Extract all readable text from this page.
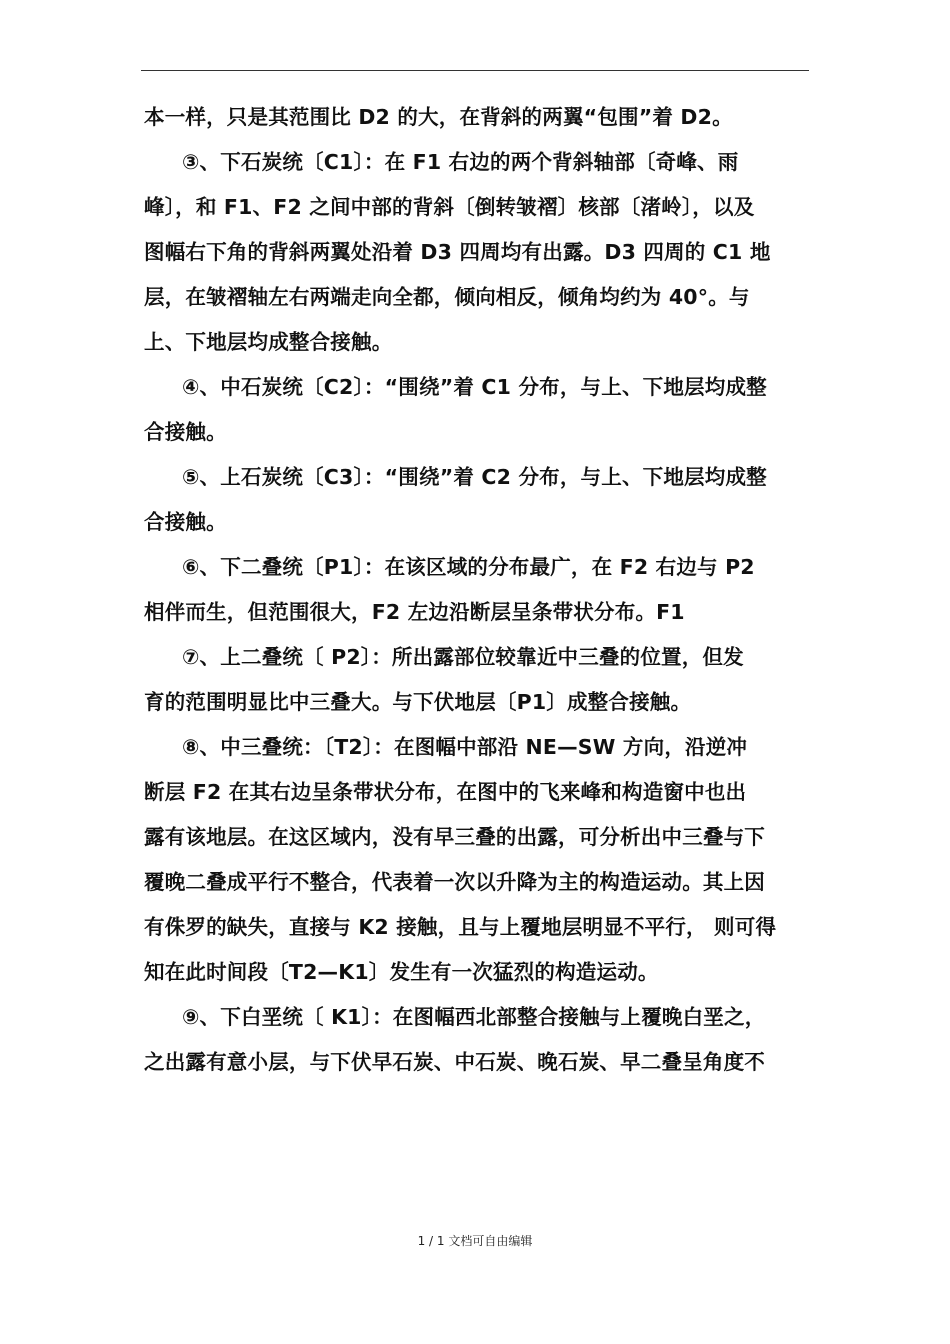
本一样，只是其范围比 D2 的大，在背斜的两翼“包围”着 D2。
③、下石炭统〔C1〕：在 F1 右边的两个背斜轴部〔奇峰、雨
峰〕，和 F1、F2 之间中部的背斜〔倒转皱褶〕核部〔渚岭〕，以及
图幅右下角的背斜两翼处沿着 D3 四周均有出露。D3 四周的 C1 地
层，在皱褶轴左右两端走向全都，倾向相反，倾角均约为 40°。与
上、下地层均成整合接触。
④、中石炭统〔C2〕：“围绕”着 C1 分布，与上、下地层均成整
合接触。
⑤、上石炭统〔C3〕：“围绕”着 C2 分布，与上、下地层均成整
合接触。
⑥、下二叠统〔P1〕：在该区域的分布最广，在 F2 右边与 P2
相伴而生，但范围很大，F2 左边沿断层呈条带状分布。F1
⑦、上二叠统〔 P2〕：所出露部位较靠近中三叠的位置，但发
育的范围明显比中三叠大。与下伏地层〔P1〕成整合接触。
⑧、中三叠统：〔T2〕：在图幅中部沿 NE—SW 方向，沿逆冲
断层 F2 在其右边呈条带状分布，在图中的飞来峰和构造窗中也出
露有该地层。在这区域内，没有早三叠的出露，可分析出中三叠与下
覆晚二叠成平行不整合，代表着一次以升降为主的构造运动。其上因
有侏罗的缺失，直接与 K2 接触，且与上覆地层明显不平行， 则可得
知在此时间段〔T2—K1〕发生有一次猛烈的构造运动。
⑨、下白垩统〔 K1〕：在图幅西北部整合接触与上覆晚白垩之，
之出露有意小层，与下伏早石炭、中石炭、晚石炭、早二叠呈角度不
1 / 1 文档可自由编辑
